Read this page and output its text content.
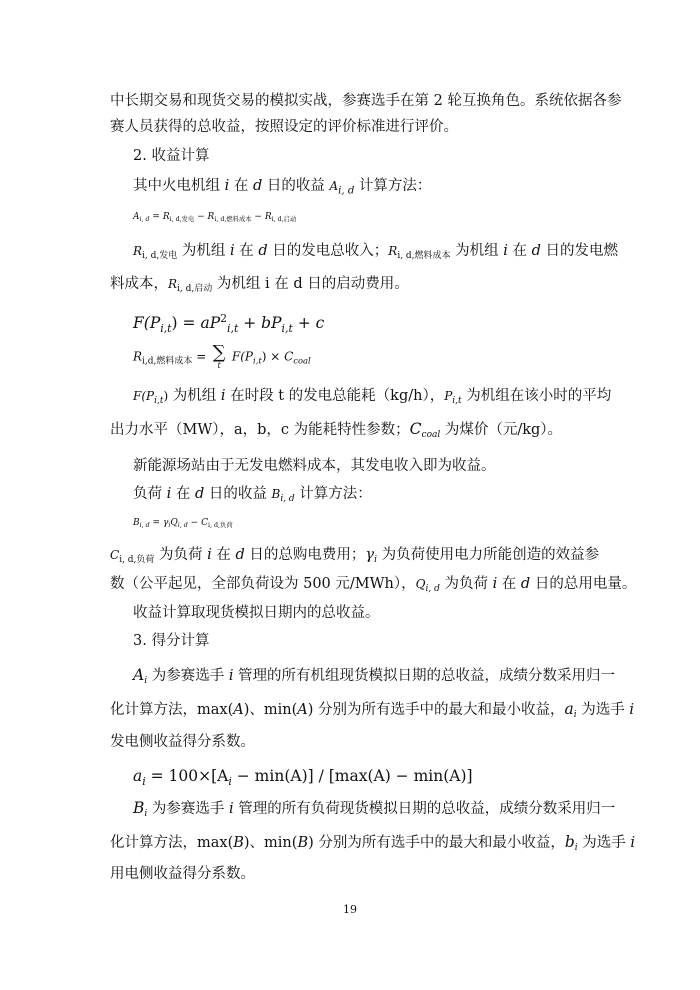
中长期交易和现货交易的模拟实战，参赛选手在第 2 轮互换角色。系统依据各参
赛人员获得的总收益，按照设定的评价标准进行评价。
2. 收益计算
其中火电机组 i 在 d 日的收益 $A_{i, d}$ 计算方法：
$A_{i, d} = R_{i, d,发电} - R_{i, d,燃料成本} - R_{i, d,启动}$
$R_{i, d,发电}$ 为机组 i 在 d 日的发电总收入；$R_{i, d,燃料成本}$ 为机组 i 在 d 日的发电燃
料成本，$R_{i, d,启动}$ 为机组 i 在 d 日的启动费用。
$F(P_{i,t}) = aP^2_{i,t} + bP_{i,t} + c$
$R_{i,d,燃料成本}$ = ∑
t
$F(P_{i,t}) \times C_{coal}$
$F(P_{i,t})$ 为机组 i 在时段 t 的发电总能耗（kg/h），$P_{i,t}$ 为机组在该小时的平均
出力水平（MW），a，b，c 为能耗特性参数；$C_{coal}$ 为煤价（元/kg）。
新能源场站由于无发电燃料成本，其发电收入即为收益。
负荷 i 在 d 日的收益 $B_{i, d}$ 计算方法：
$B_{i, d} = \gamma_iQ_{i, d} - C_{i, d,负荷}$
$C_{i, d,负荷}$ 为负荷 i 在 d 日的总购电费用；$\gamma_i$ 为负荷使用电力所能创造的效益参
数（公平起见，全部负荷设为 500 元/MWh），$Q_{i, d}$ 为负荷 i 在 d 日的总用电量。
收益计算取现货模拟日期内的总收益。
3. 得分计算
$A_i$ 为参赛选手 i 管理的所有机组现货模拟日期的总收益，成绩分数采用归一
化计算方法，max(A)、min(A) 分别为所有选手中的最大和最小收益，$a_i$ 为选手 i
发电侧收益得分系数。
$a_i = 100\times[A_i - \min(A)] / [\max(A) - \min(A)]$
$B_i$ 为参赛选手 i 管理的所有负荷现货模拟日期的总收益，成绩分数采用归一
化计算方法，max(B)、min(B) 分别为所有选手中的最大和最小收益，$b_i$ 为选手 i
用电侧收益得分系数。
19
